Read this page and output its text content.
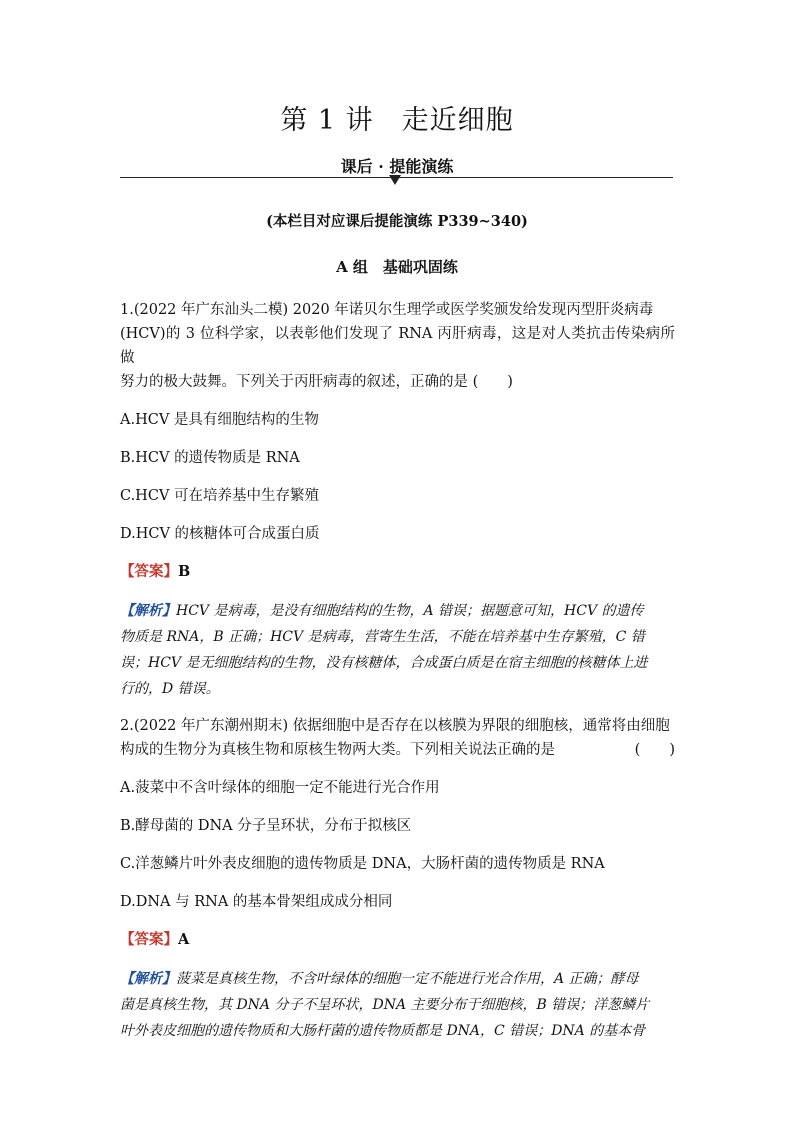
第 1 讲　走近细胞
课后 · 提能演练
(本栏目对应课后提能演练 P339~340)
A 组　基础巩固练

1.(2022 年广东汕头二模) 2020 年诺贝尔生理学或医学奖颁发给发现丙型肝炎病毒

(HCV)的 3 位科学家，以表彰他们发现了 RNA 丙肝病毒，这是对人类抗击传染病所做

努力的极大鼓舞。下列关于丙肝病毒的叙述，正确的是 (　　)

A.HCV 是具有细胞结构的生物

B.HCV 的遗传物质是 RNA

C.HCV 可在培养基中生存繁殖

D.HCV 的核糖体可合成蛋白质

【答案】B

【解析】HCV 是病毒，是没有细胞结构的生物，A 错误；据题意可知，HCV 的遗传
物质是 RNA，B 正确；HCV 是病毒，营寄生生活，不能在培养基中生存繁殖，C 错
误；HCV 是无细胞结构的生物，没有核糖体，合成蛋白质是在宿主细胞的核糖体上进
行的，D 错误。

2.(2022 年广东潮州期末) 依据细胞中是否存在以核膜为界限的细胞核，通常将由细胞

构成的生物分为真核生物和原核生物两大类。下列相关说法正确的是	(　　)

A.菠菜中不含叶绿体的细胞一定不能进行光合作用

B.酵母菌的 DNA 分子呈环状，分布于拟核区

C.洋葱鳞片叶外表皮细胞的遗传物质是 DNA，大肠杆菌的遗传物质是 RNA

D.DNA 与 RNA 的基本骨架组成成分相同

【答案】A

【解析】菠菜是真核生物，不含叶绿体的细胞一定不能进行光合作用，A 正确；酵母
菌是真核生物，其 DNA 分子不呈环状，DNA 主要分布于细胞核，B 错误；洋葱鳞片
叶外表皮细胞的遗传物质和大肠杆菌的遗传物质都是 DNA，C 错误；DNA 的基本骨
